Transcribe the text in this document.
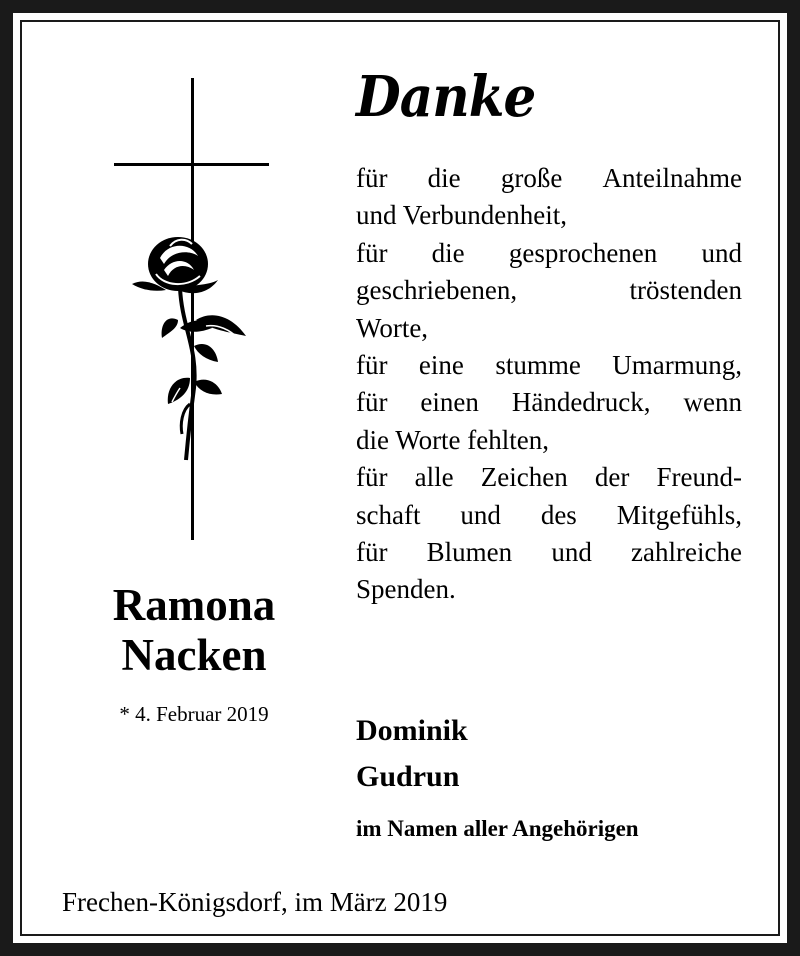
Danke
für die große Anteilnahme
und Verbundenheit,
für die gesprochenen und
geschriebenen,	tröstenden
Worte,
für eine stumme Umarmung,
für einen Händedruck, wenn
die Worte fehlten,
für alle Zeichen der Freund-
schaft und des Mitgefühls,
für Blumen und zahlreiche
Spenden.
Ramona
Nacken
* 4. Februar 2019	Dominik
Gudrun
im Namen aller Angehörigen
Frechen-Königsdorf, im März 2019
